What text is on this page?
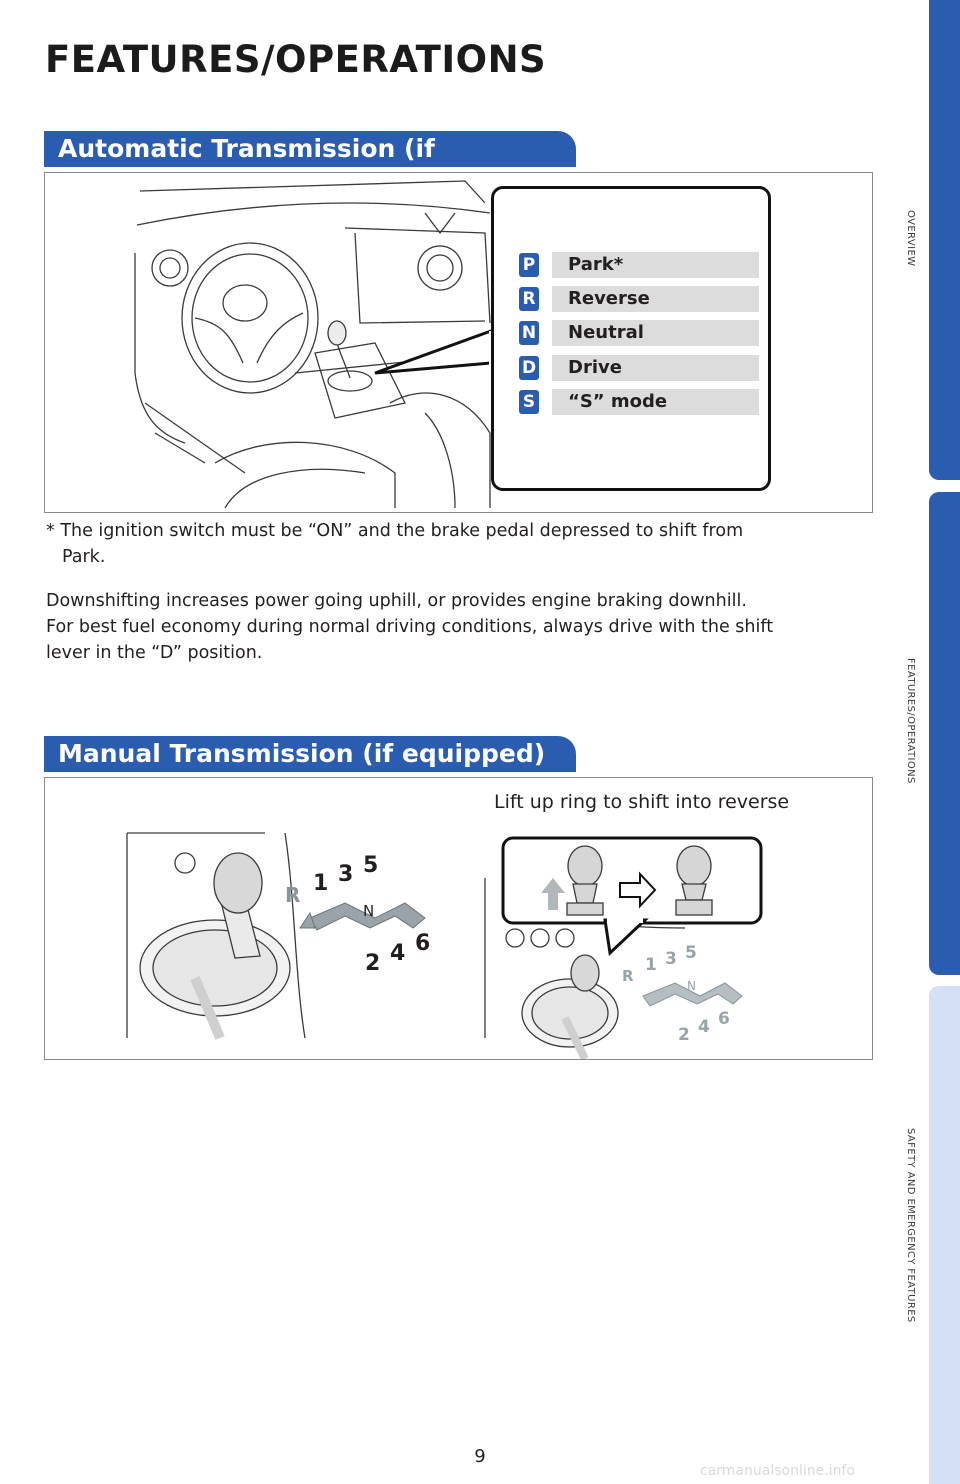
FEATURES/OPERATIONS
Automatic Transmission (if
P	Park*
R	Reverse
N	Neutral
D	Drive
S	“S” mode

* The ignition switch must be “ON” and the brake pedal depressed to shift from

Park.

Downshifting increases power going uphill, or provides engine braking downhill.

For best fuel economy during normal driving conditions, always drive with the shift

lever in the “D” position.

Manual Transmission (if equipped)
R 1 3 5
N
2 4 6
R
1 3 5
N
2 4 6
Lift up ring to shift into reverse
OVERVIEW
FEATURES/OPERATIONS
SAFETY AND EMERGENCY FEATURES
9
carmanualsonline.info
